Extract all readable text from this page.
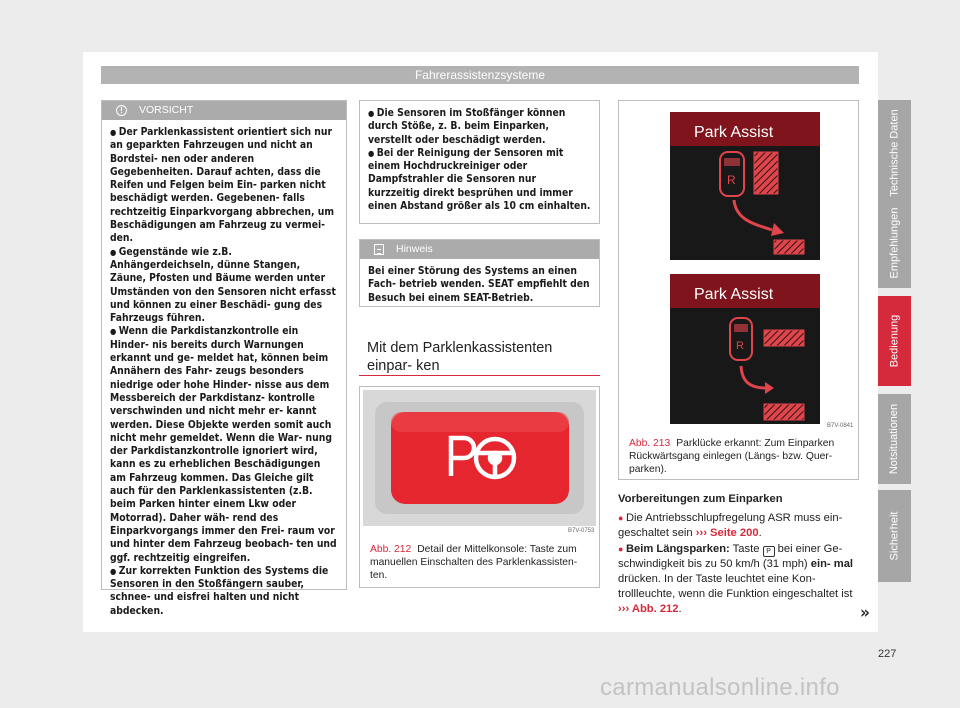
Fahrerassistenzsysteme
Technische Daten
Empfehlungen
Bedienung
Notsituationen
Sicherheit
!	VORSICHT

● Der Parklenkassistent orientiert sich nur an geparkten Fahrzeugen und nicht an Bordstei- nen oder anderen Gegebenheiten. Darauf achten, dass die Reifen und Felgen beim Ein- parken nicht beschädigt werden. Gegebenen- falls rechtzeitig Einparkvorgang abbrechen, um Beschädigungen am Fahrzeug zu vermei- den.

● Gegenstände wie z.B. Anhängerdeichseln, dünne Stangen, Zäune, Pfosten und Bäume werden unter Umständen von den Sensoren nicht erfasst und können zu einer Beschädi- gung des Fahrzeugs führen.

● Wenn die Parkdistanzkontrolle ein Hinder- nis bereits durch Warnungen erkannt und ge- meldet hat, können beim Annähern des Fahr- zeugs besonders niedrige oder hohe Hinder- nisse aus dem Messbereich der Parkdistanz- kontrolle verschwinden und nicht mehr er- kannt werden. Diese Objekte werden somit auch nicht mehr gemeldet. Wenn die War- nung der Parkdistanzkontrolle ignoriert wird, kann es zu erheblichen Beschädigungen am Fahrzeug kommen. Das Gleiche gilt auch für den Parklenkassistenten (z.B. beim Parken hinter einem Lkw oder Motorrad). Daher wäh- rend des Einparkvorgangs immer den Frei- raum vor und hinter dem Fahrzeug beobach- ten und ggf. rechtzeitig eingreifen.

● Zur korrekten Funktion des Systems die Sensoren in den Stoßfängern sauber, schnee- und eisfrei halten und nicht abdecken.

● Die Sensoren im Stoßfänger können durch Stöße, z. B. beim Einparken, verstellt oder beschädigt werden.

● Bei der Reinigung der Sensoren mit einem Hochdruckreiniger oder Dampfstrahler die Sensoren nur kurzzeitig direkt besprühen und immer einen Abstand größer als 10 cm einhalten.

Hinweis

Bei einer Störung des Systems an einen Fach- betrieb wenden. SEAT empfiehlt den Besuch bei einem SEAT-Betrieb.

Mit dem Parklenkassistenten einpar- ken
B7V-0753
Abb. 212 Detail der Mittelkonsole: Taste zum manuellen Einschalten des Parklenkassisten- ten.
Park Assist
R
Park Assist
R
B7V-0841
Abb. 213 Parklücke erkannt: Zum Einparken Rückwärtsgang einlegen (Längs- bzw. Quer- parken).

Vorbereitungen zum Einparken

● Die Antriebsschlupfregelung ASR muss ein- geschaltet sein ››› Seite 200.

● Beim Längsparken: Taste P bei einer Ge- schwindigkeit bis zu 50 km/h (31 mph) ein- mal drücken. In der Taste leuchtet eine Kon- trollleuchte, wenn die Funktion eingeschaltet ist ››› Abb. 212.	»
227
carmanualsonline.info
